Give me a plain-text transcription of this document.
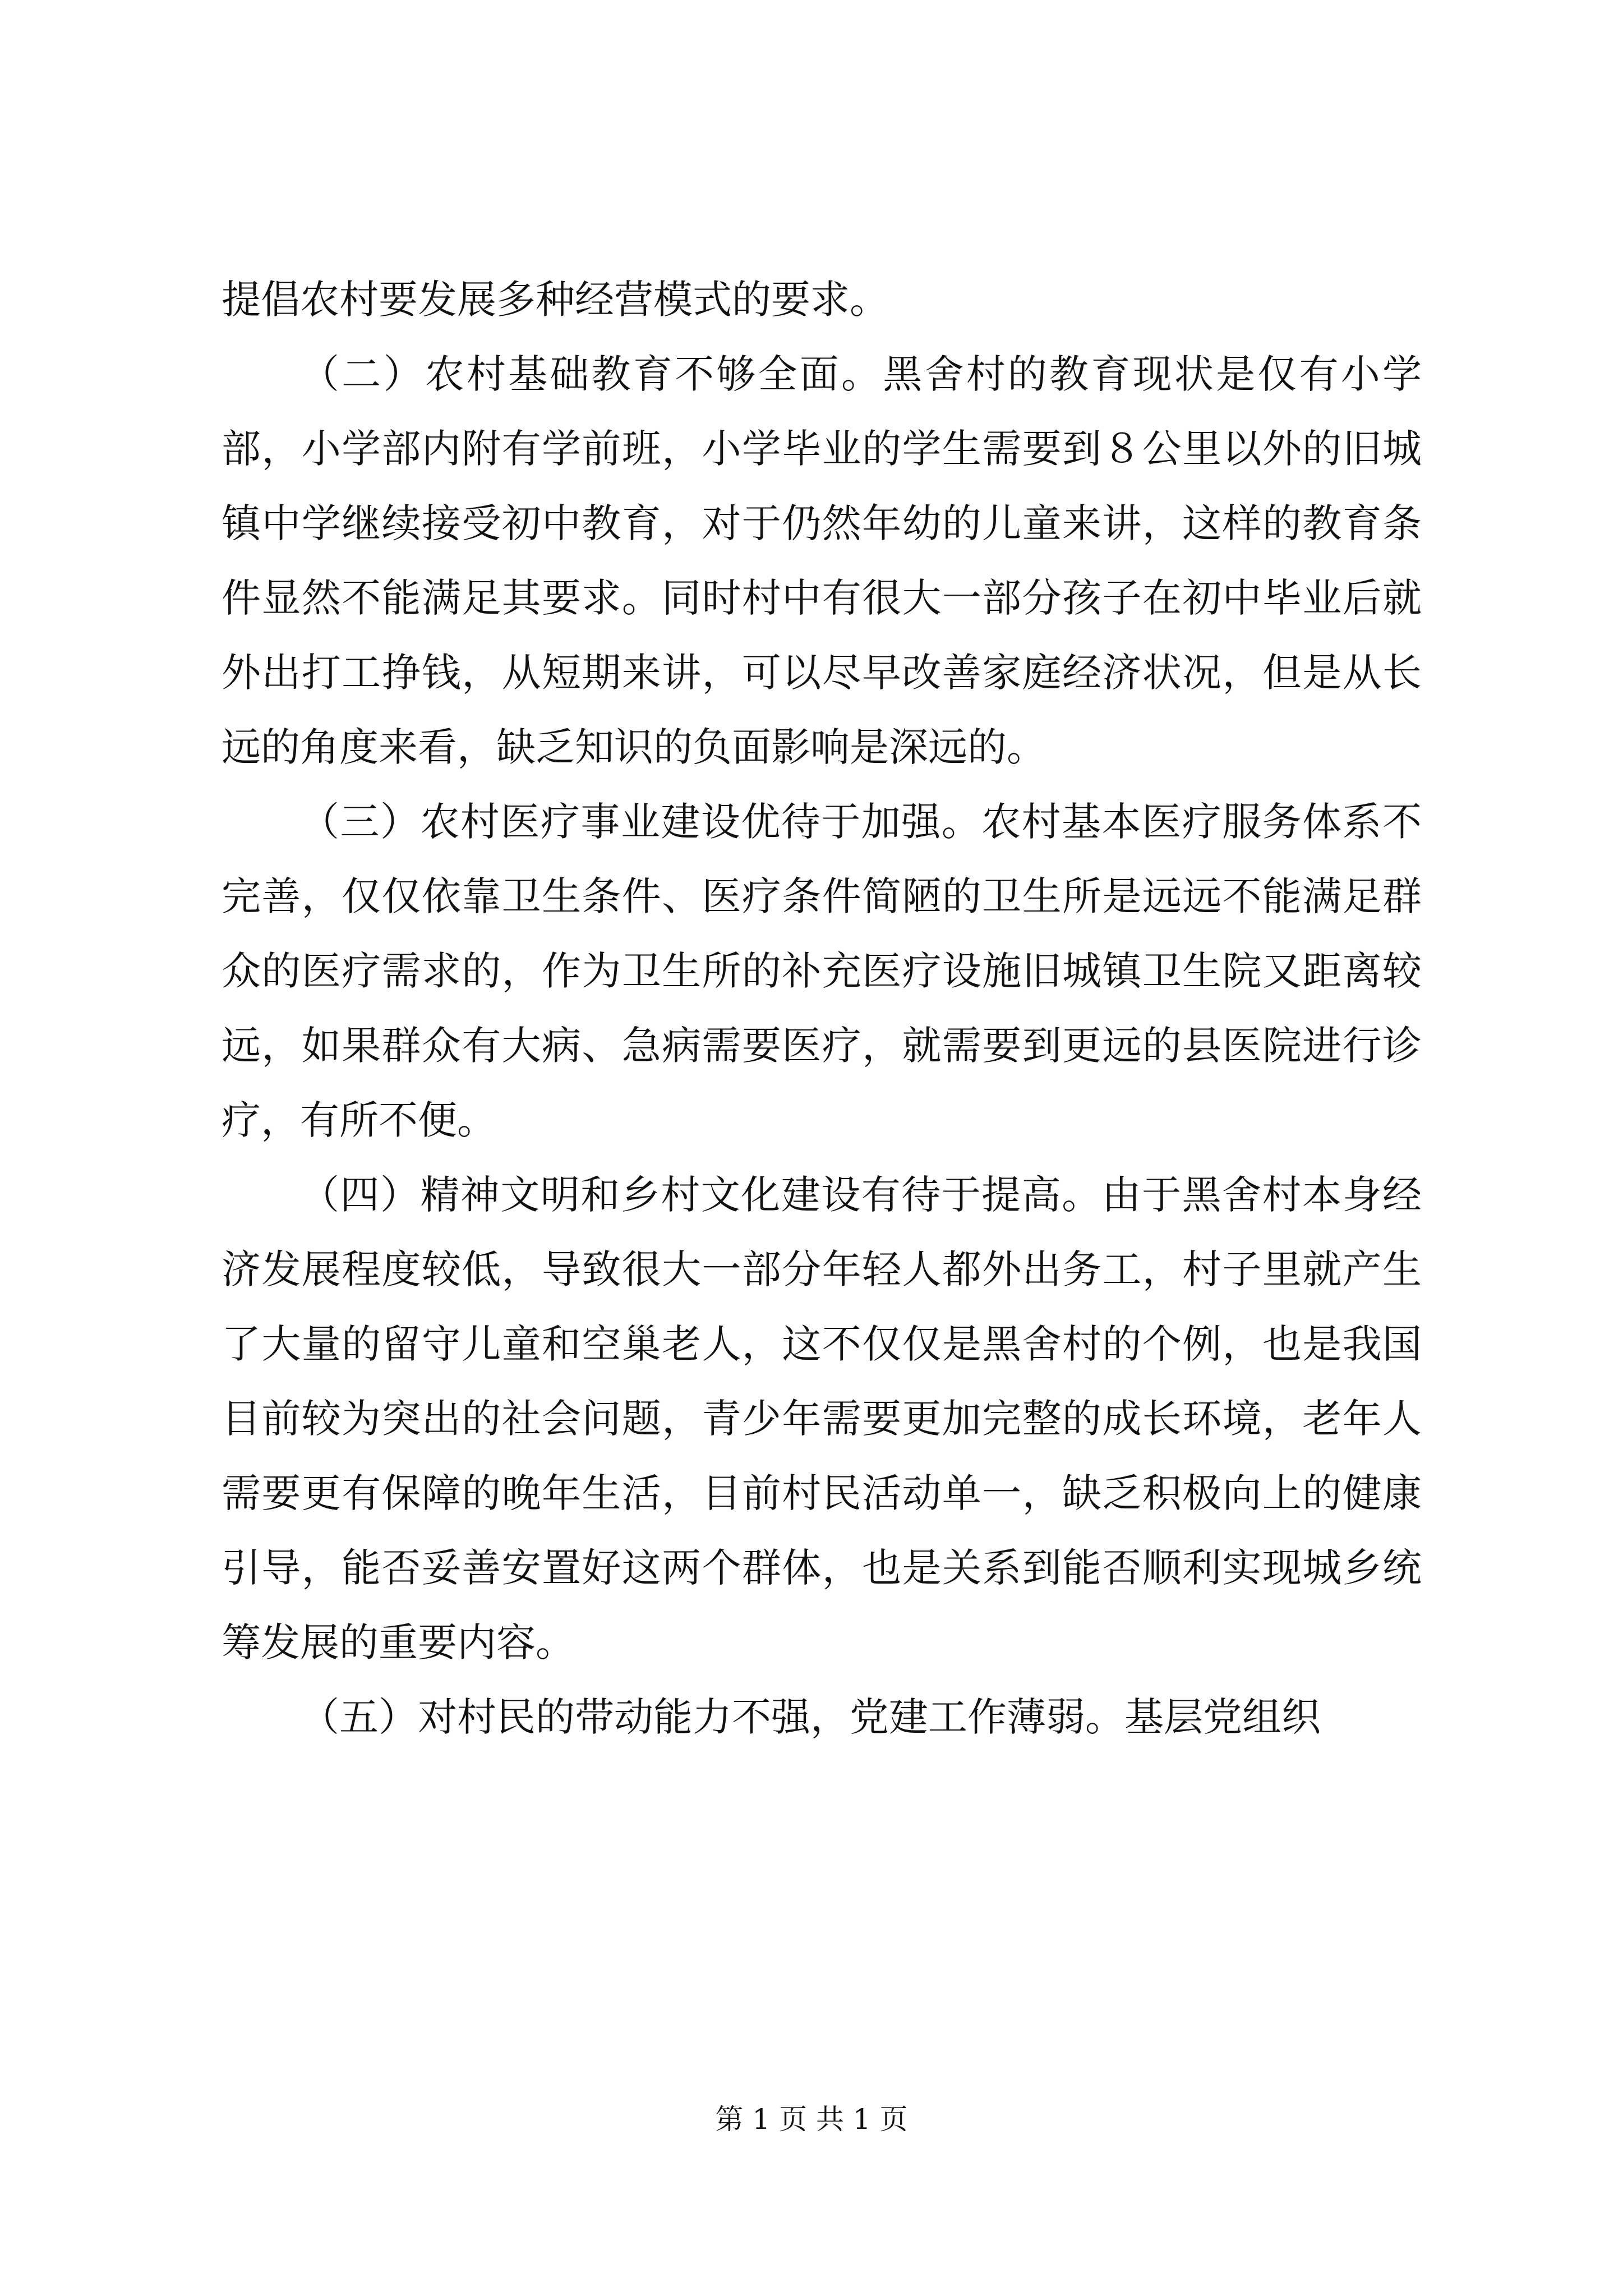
提倡农村要发展多种经营模式的要求。

（二）农村基础教育不够全面。黑舍村的教育现状是仅有小学部，小学部内附有学前班，小学毕业的学生需要到８公里以外的旧城镇中学继续接受初中教育，对于仍然年幼的儿童来讲，这样的教育条件显然不能满足其要求。同时村中有很大一部分孩子在初中毕业后就外出打工挣钱，从短期来讲，可以尽早改善家庭经济状况，但是从长远的角度来看，缺乏知识的负面影响是深远的。

（三）农村医疗事业建设优待于加强。农村基本医疗服务体系不完善，仅仅依靠卫生条件、医疗条件简陋的卫生所是远远不能满足群众的医疗需求的，作为卫生所的补充医疗设施旧城镇卫生院又距离较远，如果群众有大病、急病需要医疗，就需要到更远的县医院进行诊疗，有所不便。

（四）精神文明和乡村文化建设有待于提高。由于黑舍村本身经济发展程度较低，导致很大一部分年轻人都外出务工，村子里就产生了大量的留守儿童和空巢老人，这不仅仅是黑舍村的个例，也是我国目前较为突出的社会问题，青少年需要更加完整的成长环境，老年人需要更有保障的晚年生活，目前村民活动单一，缺乏积极向上的健康引导，能否妥善安置好这两个群体，也是关系到能否顺利实现城乡统筹发展的重要内容。

（五）对村民的带动能力不强，党建工作薄弱。基层党组织

第 1 页 共 1 页
